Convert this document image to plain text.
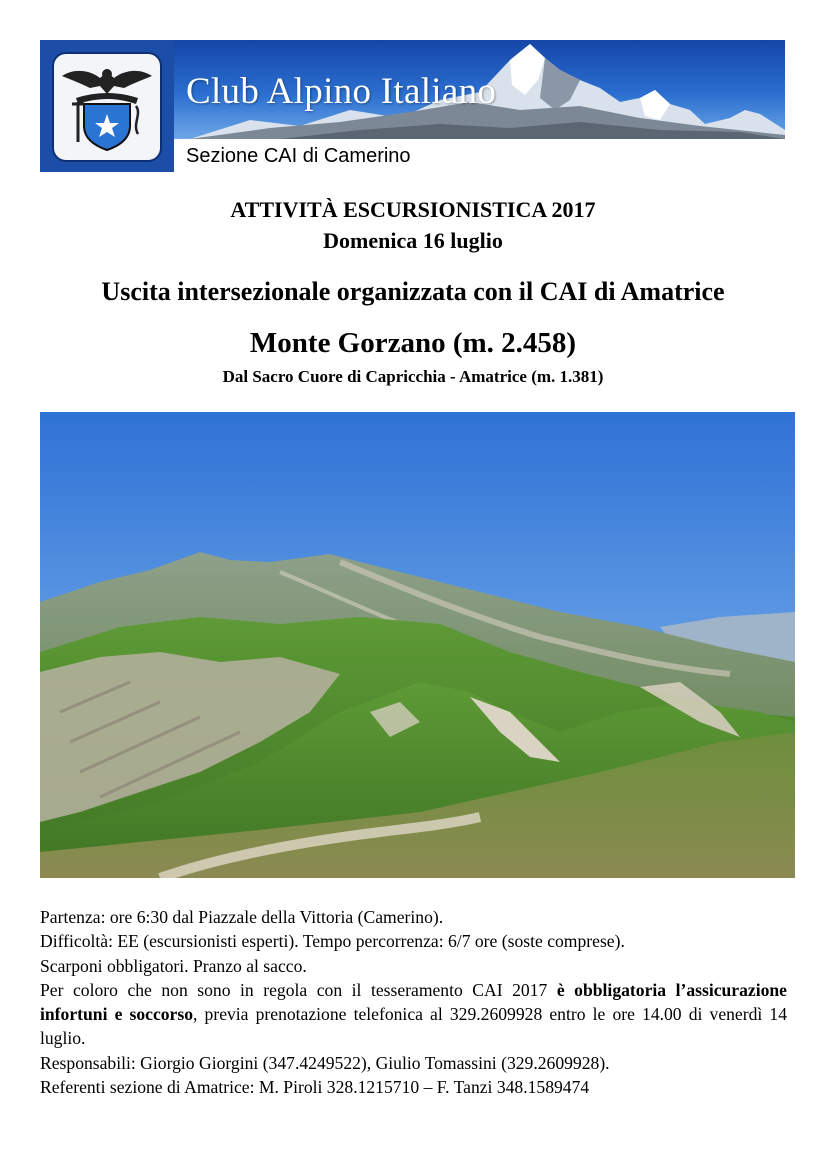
Club Alpino Italiano
Sezione CAI di Camerino
ATTIVITÀ ESCURSIONISTICA 2017
Domenica 16 luglio
Uscita intersezionale organizzata con il CAI di Amatrice
Monte Gorzano (m. 2.458)
Dal Sacro Cuore di Capricchia - Amatrice (m. 1.381)

Partenza: ore 6:30 dal Piazzale della Vittoria (Camerino).

Difficoltà: EE (escursionisti esperti). Tempo percorrenza: 6/7 ore (soste comprese).

Scarponi obbligatori. Pranzo al sacco.

Per coloro che non sono in regola con il tesseramento CAI 2017 è obbligatoria l’assicurazione infortuni e soccorso, previa prenotazione telefonica al 329.2609928 entro le ore 14.00 di venerdì 14 luglio.

Responsabili: Giorgio Giorgini (347.4249522), Giulio Tomassini (329.2609928).

Referenti sezione di Amatrice: M. Piroli 328.1215710 – F. Tanzi 348.1589474
